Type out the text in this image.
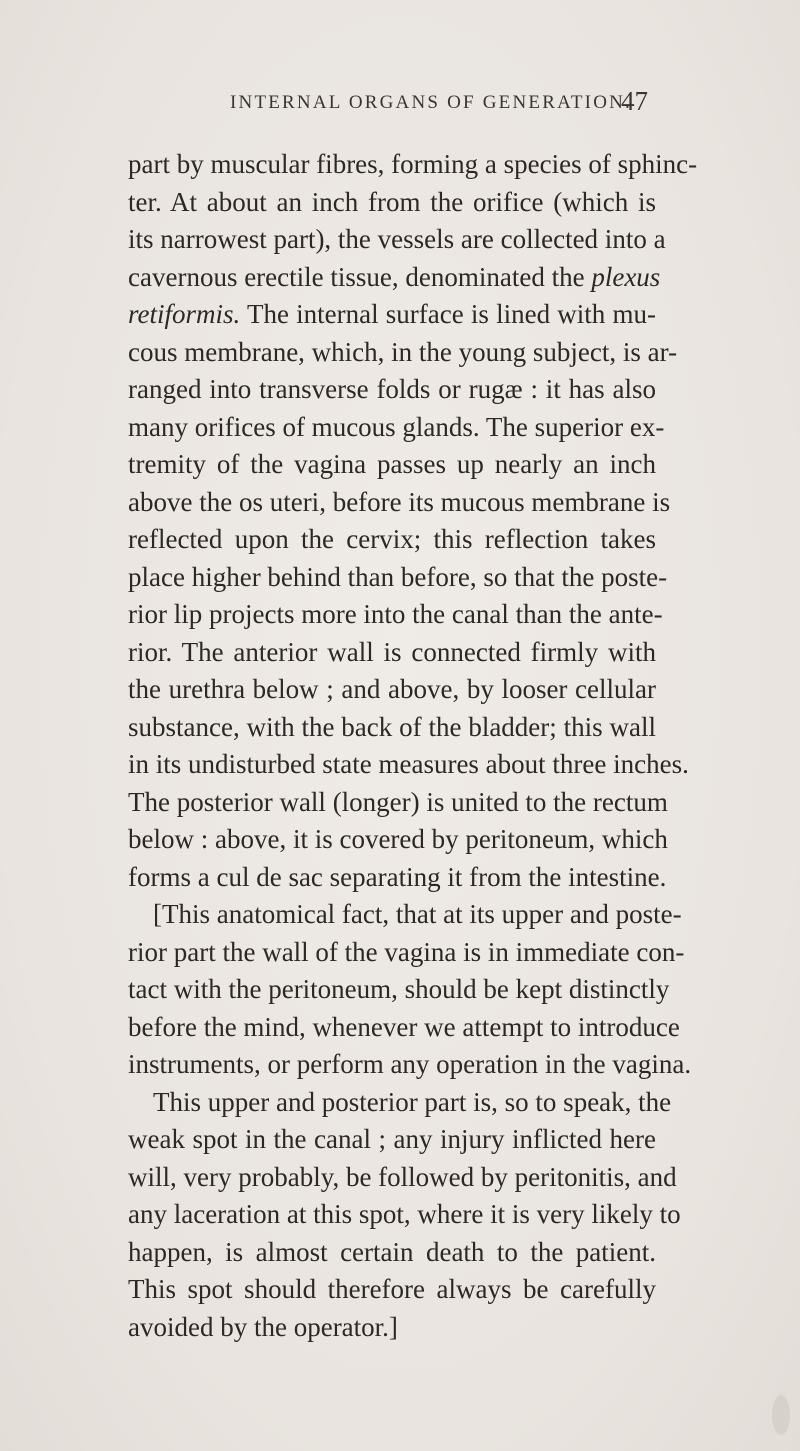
INTERNAL ORGANS OF GENERATION.
47
part by muscular fibres, forming a species of sphinc-
ter. At about an inch from the orifice (which is
its narrowest part), the vessels are collected into a
cavernous erectile tissue, denominated the plexus
retiformis. The internal surface is lined with mu-
cous membrane, which, in the young subject, is ar-
ranged into transverse folds or rugæ : it has also
many orifices of mucous glands. The superior ex-
tremity of the vagina passes up nearly an inch
above the os uteri, before its mucous membrane is
reflected upon the cervix; this reflection takes
place higher behind than before, so that the poste-
rior lip projects more into the canal than the ante-
rior. The anterior wall is connected firmly with
the urethra below ; and above, by looser cellular
substance, with the back of the bladder; this wall
in its undisturbed state measures about three inches.
The posterior wall (longer) is united to the rectum
below : above, it is covered by peritoneum, which
forms a cul de sac separating it from the intestine.
[This anatomical fact, that at its upper and poste-
rior part the wall of the vagina is in immediate con-
tact with the peritoneum, should be kept distinctly
before the mind, whenever we attempt to introduce
instruments, or perform any operation in the vagina.
This upper and posterior part is, so to speak, the
weak spot in the canal ; any injury inflicted here
will, very probably, be followed by peritonitis, and
any laceration at this spot, where it is very likely to
happen, is almost certain death to the patient.
This spot should therefore always be carefully
avoided by the operator.]
